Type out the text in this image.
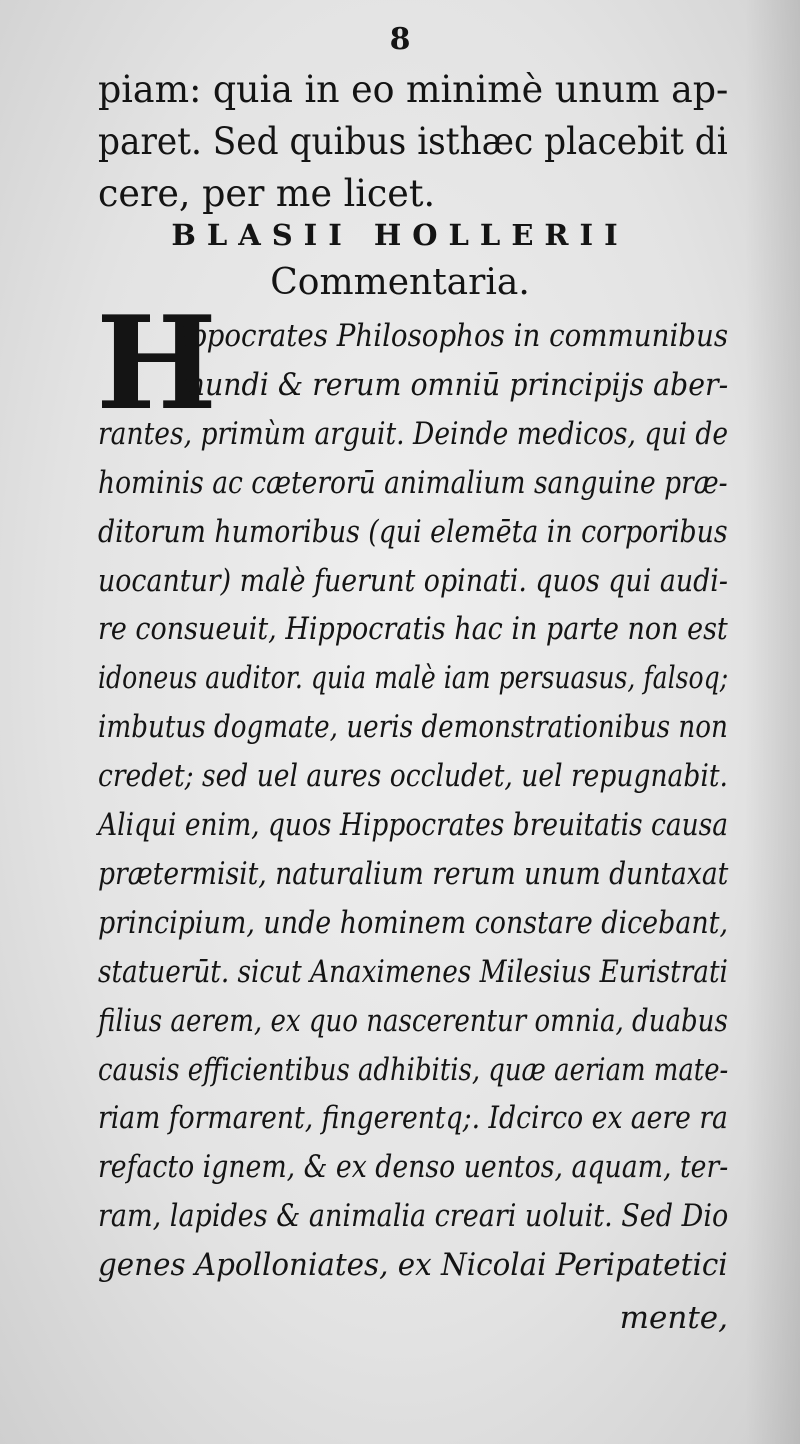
8
piam: quia in eo minimè unum ap-
paret. Sed quibus isthæc placebit di
cere, per me licet.
BLASII HOLLERII
Commentaria.
H
Ippocrates Philosophos in communibus
mundi & rerum omniū principijs aber-
rantes, primùm arguit. Deinde medicos, qui de
hominis ac cæterorū animalium sanguine præ-
ditorum humoribus (qui elemēta in corporibus
uocantur) malè fuerunt opinati. quos qui audi-
re consueuit, Hippocratis hac in parte non est
idoneus auditor. quia malè iam persuasus, falsoq;
imbutus dogmate, ueris demonstrationibus non
credet; sed uel aures occludet, uel repugnabit.
Aliqui enim, quos Hippocrates breuitatis causa
prætermisit, naturalium rerum unum duntaxat
principium, unde hominem constare dicebant,
statuerūt. sicut Anaximenes Milesius Euristrati
filius aerem, ex quo nascerentur omnia, duabus
causis efficientibus adhibitis, quæ aeriam mate-
riam formarent, fingerentq;. Idcirco ex aere ra
refacto ignem, & ex denso uentos, aquam, ter-
ram, lapides & animalia creari uoluit. Sed Dio
genes Apolloniates, ex Nicolai Peripatetici
mente,
